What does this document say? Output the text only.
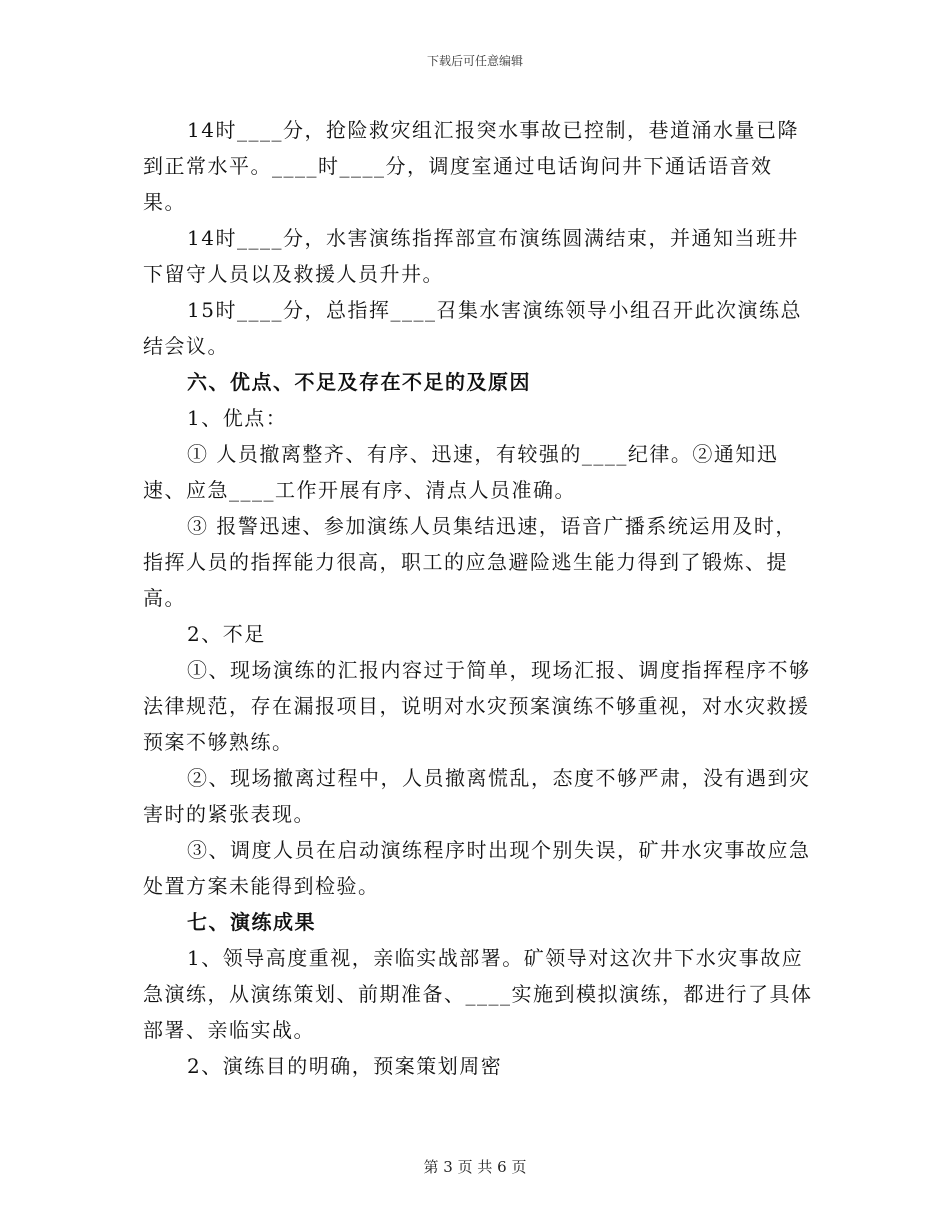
下载后可任意编辑

14时____分，抢险救灾组汇报突水事故已控制，巷道涌水量已降到正常水平。____时____分，调度室通过电话询问井下通话语音效果。

14时____分，水害演练指挥部宣布演练圆满结束，并通知当班井下留守人员以及救援人员升井。

15时____分，总指挥____召集水害演练领导小组召开此次演练总结会议。

六、优点、不足及存在不足的及原因

1、优点：

① 人员撤离整齐、有序、迅速，有较强的____纪律。②通知迅速、应急____工作开展有序、清点人员准确。

③ 报警迅速、参加演练人员集结迅速，语音广播系统运用及时，指挥人员的指挥能力很高，职工的应急避险逃生能力得到了锻炼、提高。

2、不足

①、现场演练的汇报内容过于简单，现场汇报、调度指挥程序不够法律规范，存在漏报项目，说明对水灾预案演练不够重视，对水灾救援预案不够熟练。

②、现场撤离过程中，人员撤离慌乱，态度不够严肃，没有遇到灾害时的紧张表现。

③、调度人员在启动演练程序时出现个别失误，矿井水灾事故应急处置方案未能得到检验。

七、演练成果

1、领导高度重视，亲临实战部署。矿领导对这次井下水灾事故应急演练，从演练策划、前期准备、____实施到模拟演练，都进行了具体部署、亲临实战。

2、演练目的明确，预案策划周密

第 3 页 共 6 页
